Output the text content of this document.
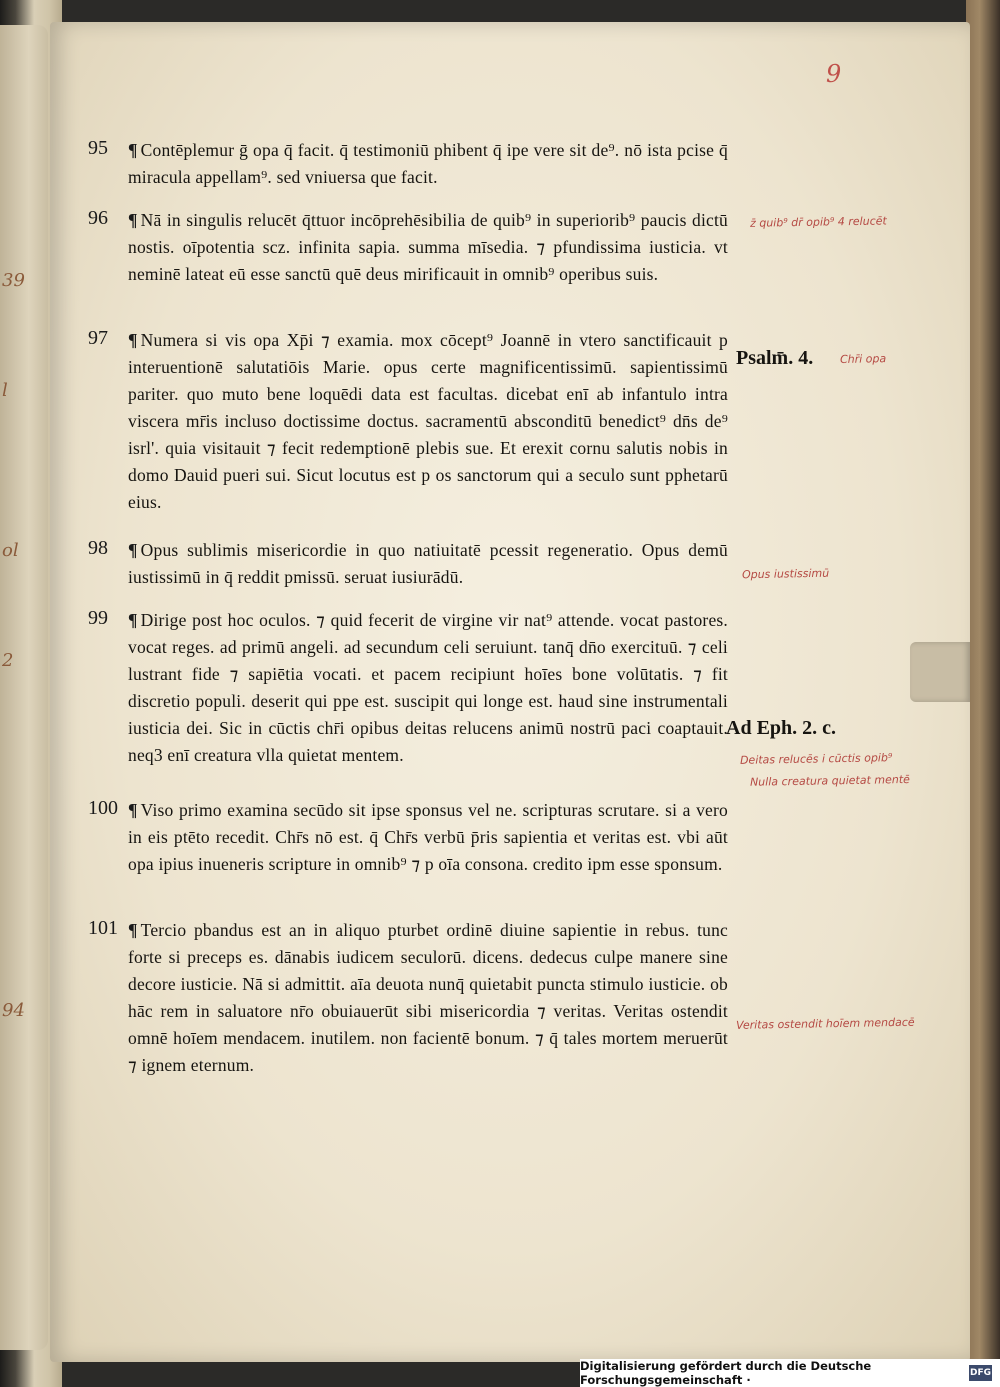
39
l
ol
2
94
9
95	¶ Contēplemur ḡ opa q̄ facit. q̄ testimoniū phibent q̄ ipe vere sit de⁹. nō ista pcise q̄ miracula appellam⁹. sed vniuersa que facit.
96	¶ Nā in singulis relucēt q̄ttuor incōprehēsibilia de quib⁹ in superiorib⁹ paucis dictū nostis. oīpotentia scz. infinita sapia. summa mīsedia. ⁊ pfundissima iusticia. vt neminē lateat eū esse sanctū quē deus mirificauit in omnib⁹ operibus suis.
97	¶ Numera si vis opa Xp̄i ⁊ examia. mox cōcept⁹ Joannē in vtero sanctificauit p interuentionē salutatiōis Marie. opus certe magnificentissimū. sapientissimū pariter. quo muto bene loquēdi data est facultas. dicebat enī ab infantulo intra viscera mr̄is incluso doctissime doctus. sacramentū absconditū benedict⁹ dn̄s de⁹ isrl'. quia visitauit ⁊ fecit redemptionē plebis sue. Et erexit cornu salutis nobis in domo Dauid pueri sui. Sicut locutus est p os sanctorum qui a seculo sunt pphetarū eius.
98	¶ Opus sublimis misericordie in quo natiuitatē pcessit regeneratio. Opus demū iustissimū in q̄ reddit pmissū. seruat iusiurādū.
99	¶ Dirige post hoc oculos. ⁊ quid fecerit de virgine vir nat⁹ attende. vocat pastores. vocat reges. ad primū angeli. ad secundum celi seruiunt. tanq̄ dn̄o exercituū. ⁊ celi lustrant fide ⁊ sapiētia vocati. et pacem recipiunt hoīes bone volūtatis. ⁊ fit discretio populi. deserit qui ppe est. suscipit qui longe est. haud sine instrumentali iusticia dei. Sic in cūctis chr̄i opibus deitas relucens animū nostrū paci coaptauit. neq3 enī creatura vlla quietat mentem.
100 ¶ Viso primo examina secūdo sit ipse sponsus vel ne. scripturas scrutare. si a vero in eis ptēto recedit. Chr̄s nō est. q̄ Chr̄s verbū p̄ris sapientia et veritas est. vbi aūt opa ipius inueneris scripture in omnib⁹ ⁊ p oīa consona. credito ipm esse sponsum.
101 ¶ Tercio pbandus est an in aliquo pturbet ordinē diuine sapientie in rebus. tunc forte si preceps es. dānabis iudicem seculorū. dicens. dedecus culpe manere sine decore iusticie. Nā si admittit. aīa deuota nunq̄ quietabit puncta stimulo iusticie. ob hāc rem in saluatore nr̄o obuiauerūt sibi misericordia ⁊ veritas. Veritas ostendit omnē hoīem mendacem. inutilem. non facientē bonum. ⁊ q̄ tales mortem meruerūt ⁊ ignem eternum.
Psalm̄. 4.
Ad Eph. 2. c.
z̄ quib⁹ dr̄ opib⁹ 4 relucēt
Chr̄i opa
Opus iustissimū
Deitas relucēs i cūctis opib⁹
Nulla creatura quietat mentē
Veritas ostendit hoīem mendacē
Digitalisierung gefördert durch die Deutsche Forschungsgemeinschaft ·	DFG
